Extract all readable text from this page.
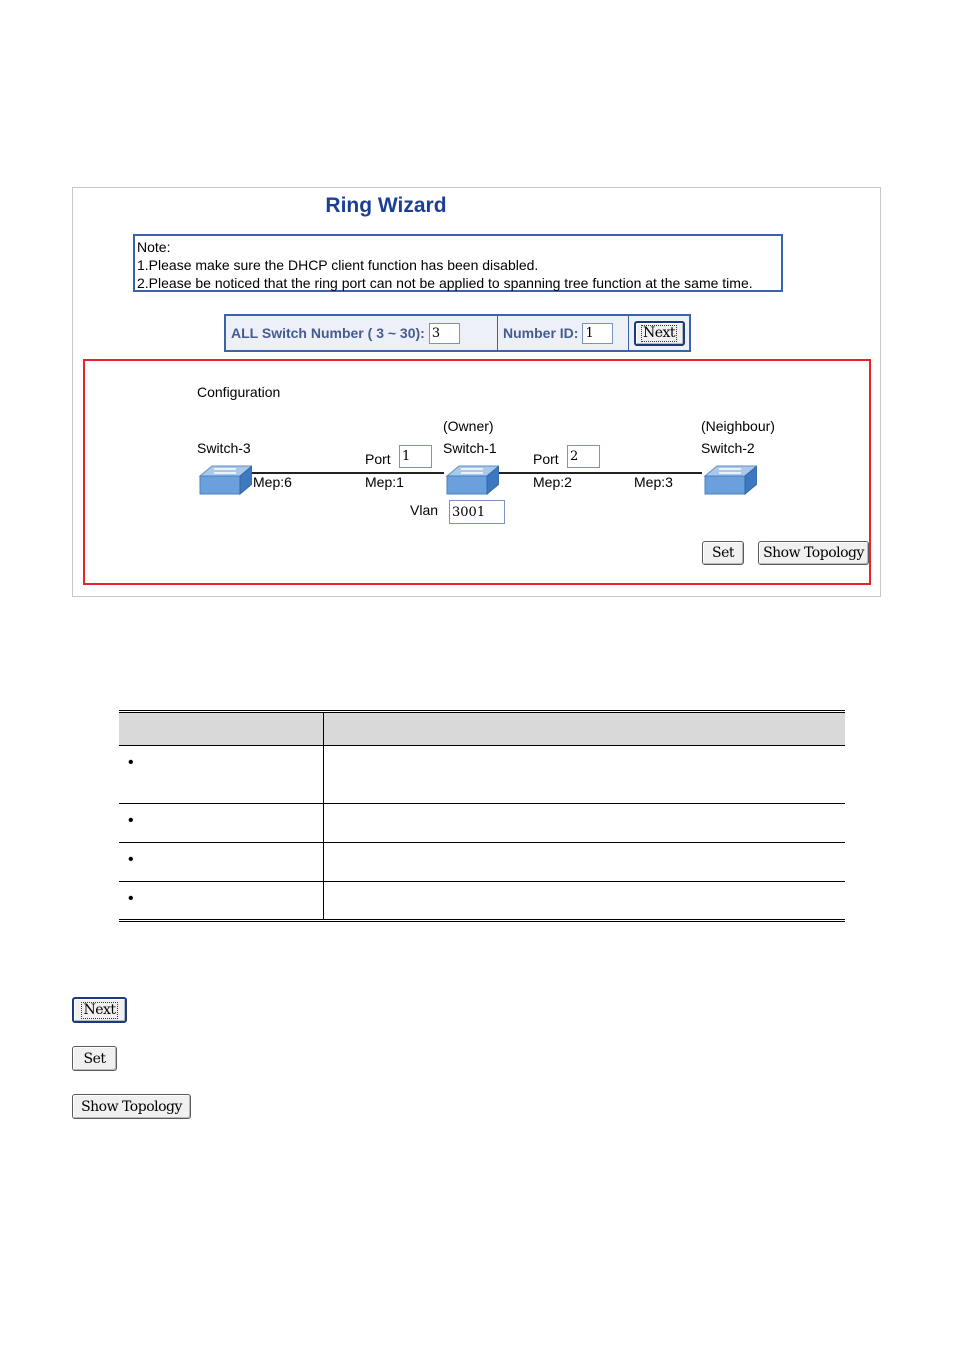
Ring Wizard
Note:
1.Please make sure the DHCP client function has been disabled.
2.Please be noticed that the ring port can not be applied to spanning tree function at the same time.
ALL Switch Number ( 3 ~ 30):
3	Number ID:
1	Next
Configuration
Switch-3
Mep:6
(Owner)
Switch-1
Port
1
Mep:1
Vlan
3001
Port
2
Mep:2	Mep:3
(Neighbour)
Switch-2
Set	Show Topology

•	
•	
•	
•	
Next
Set
Show Topology
